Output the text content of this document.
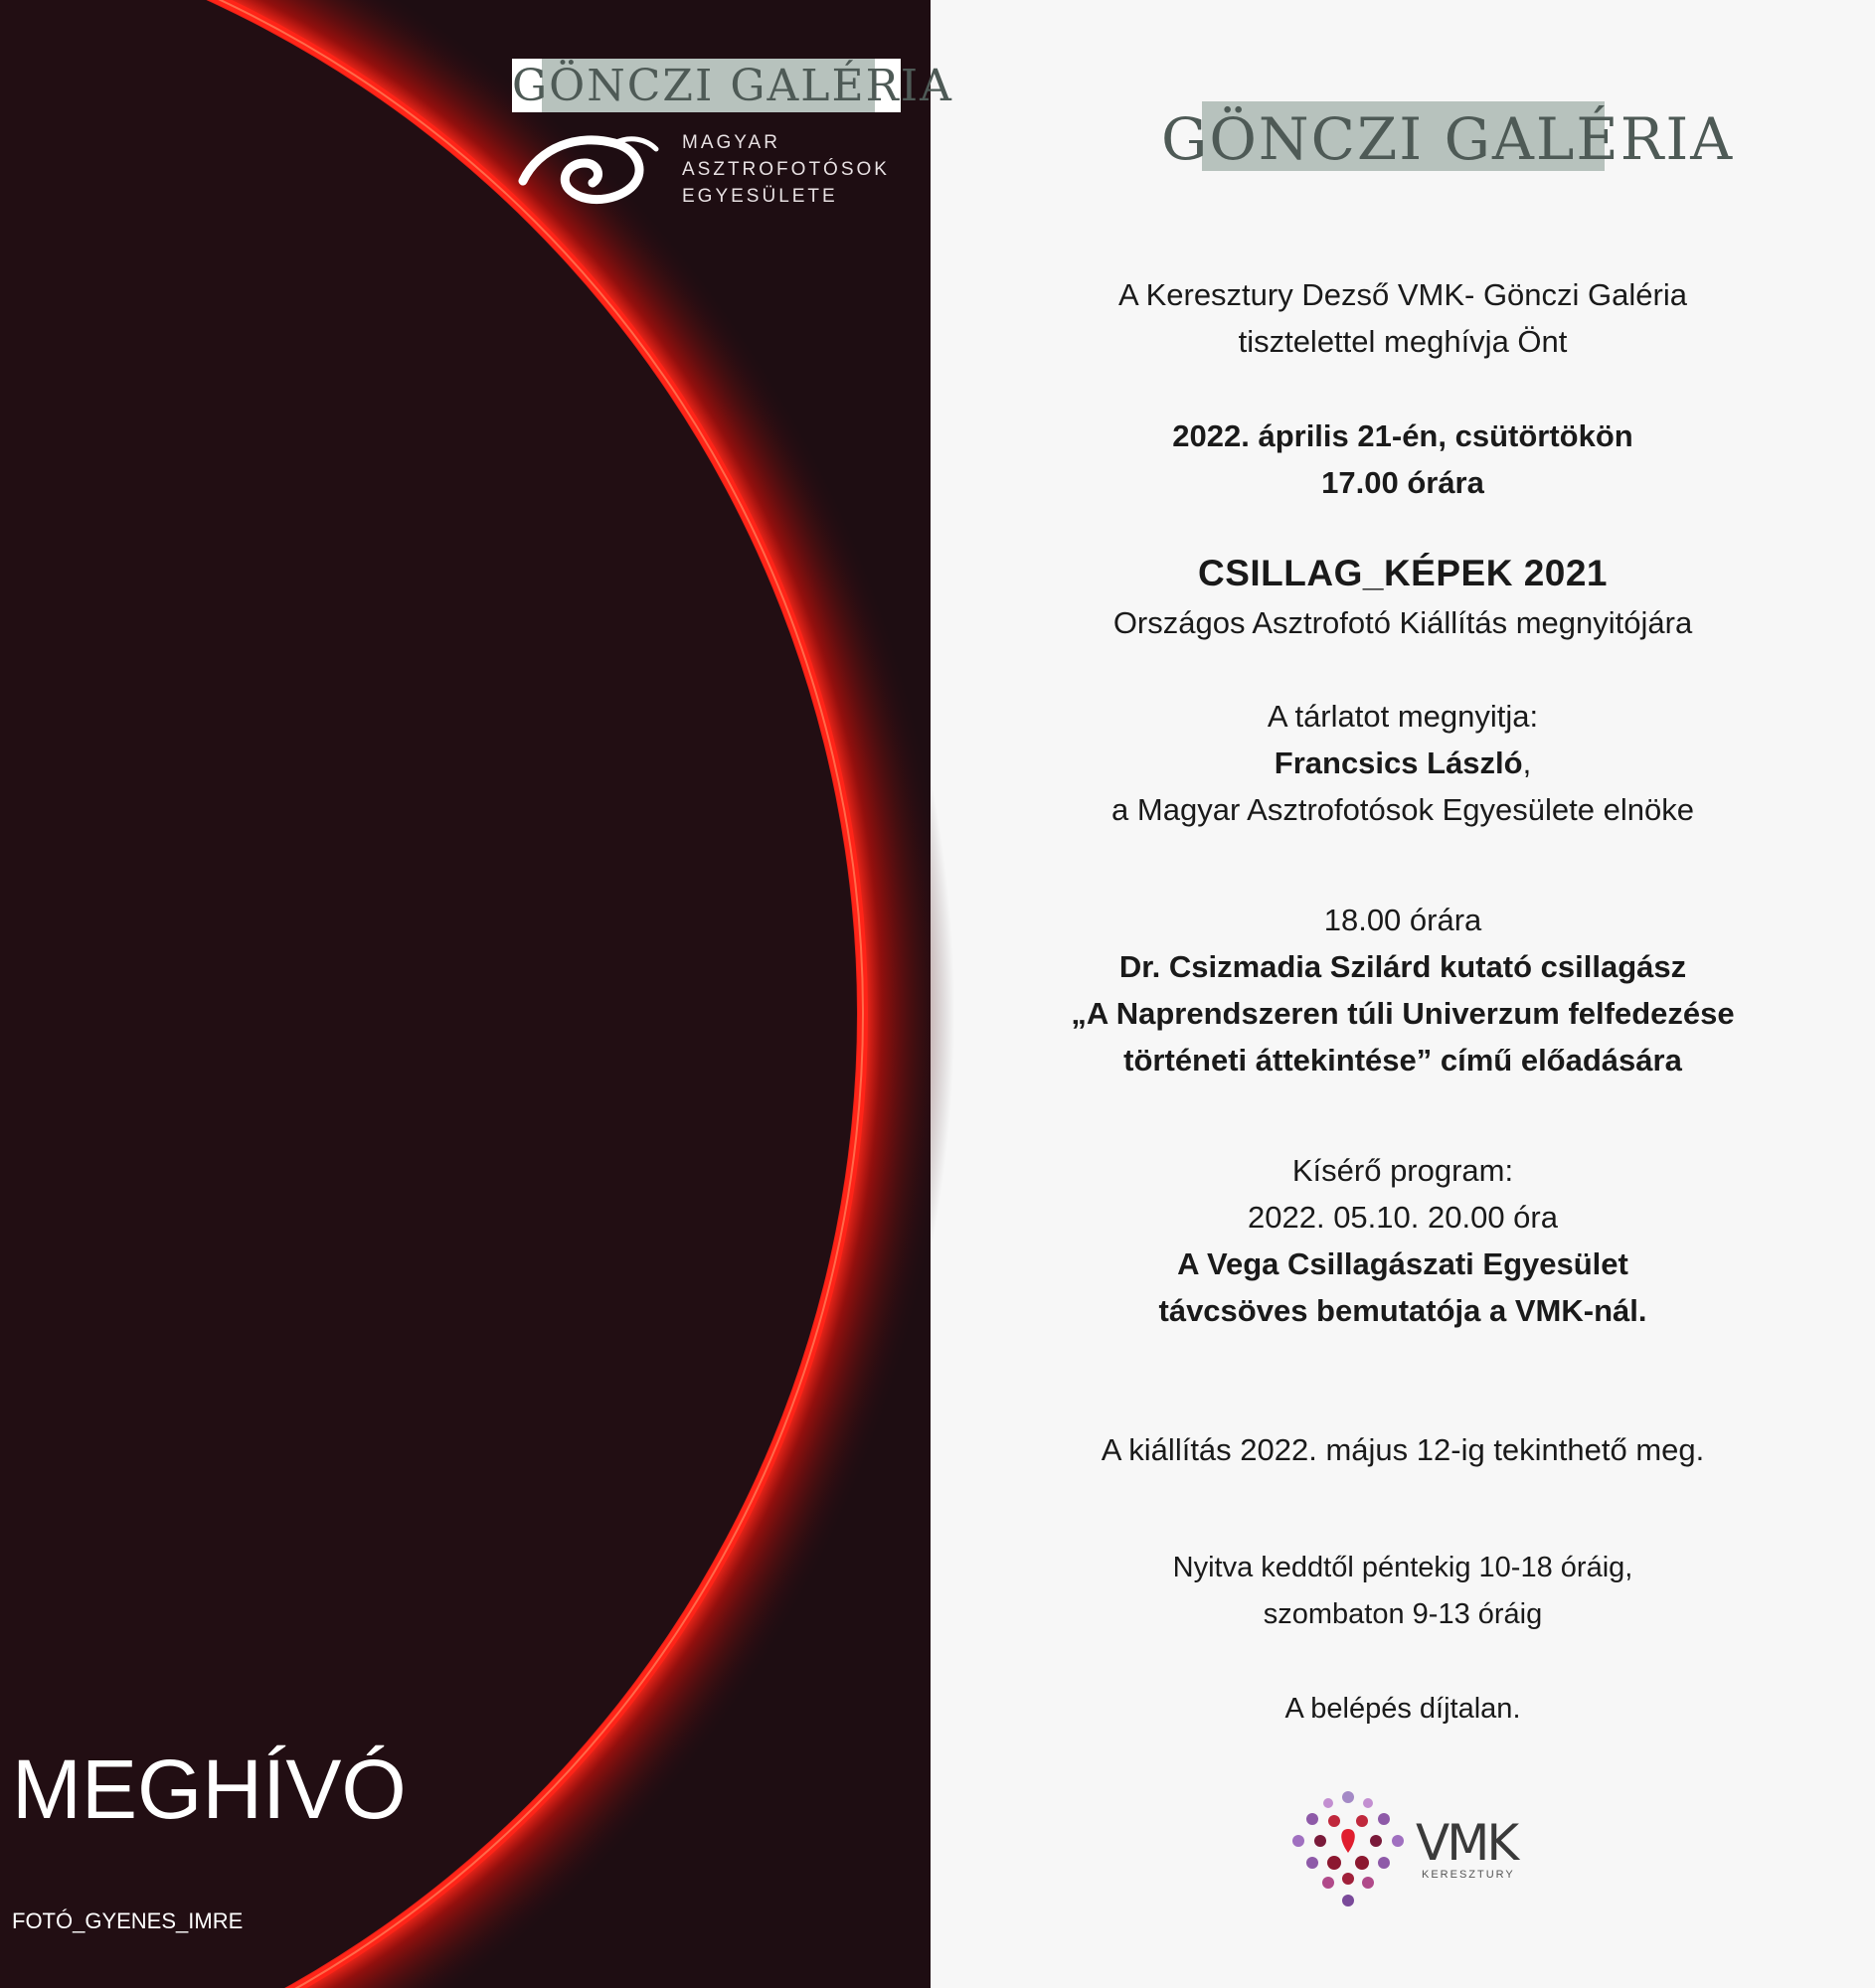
GÖNCZI GALÉRIA
MAGYAR
ASZTROFOTÓSOK
EGYESÜLETE
MEGHÍVÓ
FOTÓ_GYENES_IMRE
GÖNCZI GALÉRIA
A Keresztury Dezső VMK- Gönczi Galéria
tisztelettel meghívja Önt
2022. április 21-én, csütörtökön
17.00 órára
CSILLAG_KÉPEK 2021
Országos Asztrofotó Kiállítás megnyitójára
A tárlatot megnyitja:
Francsics László,
a Magyar Asztrofotósok Egyesülete elnöke
18.00 órára
Dr. Csizmadia Szilárd kutató csillagász
„A Naprendszeren túli Univerzum felfedezése
történeti áttekintése” című előadására
Kísérő program:
2022. 05.10. 20.00 óra
A Vega Csillagászati Egyesület
távcsöves bemutatója a VMK-nál.
A kiállítás 2022. május 12-ig tekinthető meg.
Nyitva keddtől péntekig 10-18 óráig,
szombaton 9-13 óráig
A belépés díjtalan.
VMK
KERESZTURY
